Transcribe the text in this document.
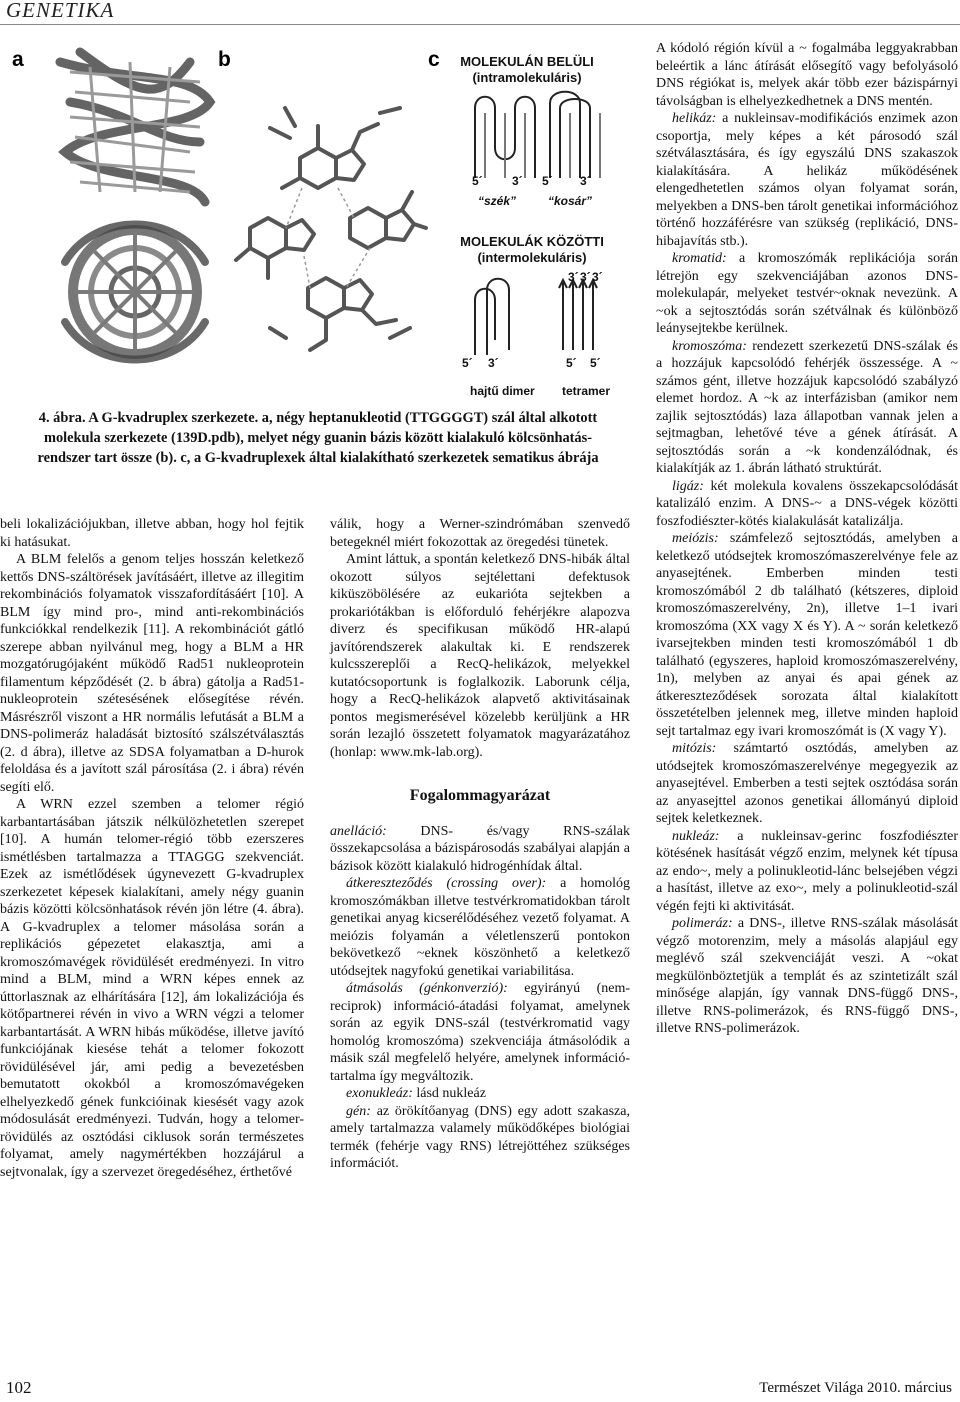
GENETIKA
a	b	c	MOLEKULÁN BELÜLI
(intramolekuláris)
5´ 3´ 5´ 3´
“szék”	“kosár”
MOLEKULÁK KÖZÖTTI
(intermolekuláris)
3´ 3´ 3´
5´ 3´	5´ 5´
hajtű dimer tetramer
4. ábra. A G-kvadruplex szerkezete. a, négy heptanukleotid (TTGGGGT) szál által alkotott molekula szerkezete (139D.pdb), melyet négy guanin bázis között kialakuló kölcsönhatás-rendszer tart össze (b). c, a G-kvadruplexek által kialakítható szerkezetek sematikus ábrája

beli lokalizációjukban, illetve abban, hogy hol fejtik ki hatásukat.

A BLM felelős a genom teljes hosszán keletkező kettős DNS-száltörések javításáért, illetve az illegitim rekombinációs folyamatok visszafordításáért [10]. A BLM így mind pro-, mind anti-rekombinációs funkciókkal rendelkezik [11]. A rekombinációt gátló szerepe abban nyilvánul meg, hogy a BLM a HR mozgatórugójaként működő Rad51 nukleoprotein filamentum képződését (2. b ábra) gátolja a Rad51-nukleoprotein szétesésének elősegítése révén. Másrészről viszont a HR normális lefutását a BLM a DNS-polimeráz haladását biztosító szálszétválasztás (2. d ábra), illetve az SDSA folyamatban a D-hurok feloldása és a javított szál párosítása (2. i ábra) révén segíti elő.

A WRN ezzel szemben a telomer régió karbantartásában játszik nélkülözhetetlen szerepet [10]. A humán telomer-régió több ezerszeres ismétlésben tartalmazza a TTAGGG szekvenciát. Ezek az ismétlődések úgynevezett G-kvadruplex szerkezetet képesek kialakítani, amely négy guanin bázis közötti kölcsönhatások révén jön létre (4. ábra). A G-kvadruplex a telomer másolása során a replikációs gépezetet elakasztja, ami a kromoszómavégek rövidülését eredményezi. In vitro mind a BLM, mind a WRN képes ennek az úttorlasznak az elhárítására [12], ám lokalizációja és kötőpartnerei révén in vivo a WRN végzi a telomer karbantartását. A WRN hibás működése, illetve javító funkciójának kiesése tehát a telomer fokozott rövidülésével jár, ami pedig a bevezetésben bemutatott okokból a kromoszómavégeken elhelyezkedő gének funkcióinak kiesését vagy azok módosulását eredményezi. Tudván, hogy a telomer-rövidülés az osztódási ciklusok során természetes folyamat, amely nagymértékben hozzájárul a sejtvonalak, így a szervezet öregedéséhez, érthetővé

válik, hogy a Werner-szindrómában szenvedő betegeknél miért fokozottak az öregedési tünetek.

Amint láttuk, a spontán keletkező DNS-hibák által okozott súlyos sejtélettani defektusok kiküszöbölésére az eukarióta sejtekben a prokariótákban is előforduló fehérjékre alapozva diverz és specifikusan működő HR-alapú javítórendszerek alakultak ki. E rendszerek kulcsszereplői a RecQ-helikázok, melyekkel kutatócsoportunk is foglalkozik. Laborunk célja, hogy a RecQ-helikázok alapvető aktivitásainak pontos megismerésével közelebb kerüljünk a HR során lezajló összetett folyamatok magyarázatához (honlap: www.mk-lab.org).

Fogalommagyarázat

anelláció: DNS- és/vagy RNS-szálak összekapcsolása a bázispárosodás szabályai alapján a bázisok között kialakuló hidrogénhídak által.

átkereszteződés (crossing over): a homológ kromoszómákban illetve testvérkromatidokban tárolt genetikai anyag kicserélődéséhez vezető folyamat. A meiózis folyamán a véletlenszerű pontokon bekövetkező ~eknek köszönhető a keletkező utódsejtek nagyfokú genetikai variabilitása.

átmásolás (génkonverzió): egyirányú (nem-reciprok) információ-átadási folyamat, amelynek során az egyik DNS-szál (testvérkromatid vagy homológ kromoszóma) szekvenciája átmásolódik a másik szál megfelelő helyére, amelynek információ-tartalma így megváltozik.

exonukleáz: lásd nukleáz

gén: az örökítőanyag (DNS) egy adott szakasza, amely tartalmazza valamely működőképes biológiai termék (fehérje vagy RNS) létrejöttéhez szükséges információt.

A kódoló régión kívül a ~ fogalmába leggyakrabban beleértik a lánc átírását elősegítő vagy befolyásoló DNS régiókat is, melyek akár több ezer bázispárnyi távolságban is elhelyezkedhetnek a DNS mentén.

helikáz: a nukleinsav-modifikációs enzimek azon csoportja, mely képes a két párosodó szál szétválasztására, és így egyszálú DNS szakaszok kialakítására. A helikáz működésének elengedhetetlen számos olyan folyamat során, melyekben a DNS-ben tárolt genetikai információhoz történő hozzáférésre van szükség (replikáció, DNS-hibajavítás stb.).

kromatid: a kromoszómák replikációja során létrejön egy szekvenciájában azonos DNS-molekulapár, melyeket testvér~oknak nevezünk. A ~ok a sejtosztódás során szétválnak és különböző leánysejtekbe kerülnek.

kromoszóma: rendezett szerkezetű DNS-szálak és a hozzájuk kapcsolódó fehérjék összessége. A ~ számos gént, illetve hozzájuk kapcsolódó szabályzó elemet hordoz. A ~k az interfázisban (amikor nem zajlik sejtosztódás) laza állapotban vannak jelen a sejtmagban, lehetővé téve a gének átírását. A sejtosztódás során a ~k kondenzálódnak, és kialakítják az 1. ábrán látható struktúrát.

ligáz: két molekula kovalens összekapcsolódását katalizáló enzim. A DNS-~ a DNS-végek közötti foszfodiészter-kötés kialakulását katalizálja.

meiózis: számfelező sejtosztódás, amelyben a keletkező utódsejtek kromoszómaszerelvénye fele az anyasejtének. Emberben minden testi kromoszómából 2 db található (kétszeres, diploid kromoszómaszerelvény, 2n), illetve 1–1 ivari kromoszóma (XX vagy X és Y). A ~ során keletkező ivarsejtekben minden testi kromoszómából 1 db található (egyszeres, haploid kromoszómaszerelvény, 1n), melyben az anyai és apai gének az átkereszteződések sorozata által kialakított összetételben jelennek meg, illetve minden haploid sejt tartalmaz egy ivari kromoszómát is (X vagy Y).

mitózis: számtartó osztódás, amelyben az utódsejtek kromoszómaszerelvénye megegyezik az anyasejtével. Emberben a testi sejtek osztódása során az anyasejttel azonos genetikai állományú diploid sejtek keletkeznek.

nukleáz: a nukleinsav-gerinc foszfodiészter kötésének hasítását végző enzim, melynek két típusa az endo~, mely a polinukleotid-lánc belsejében végzi a hasítást, illetve az exo~, mely a polinukleotid-szál végén fejti ki aktivitását.

polimeráz: a DNS-, illetve RNS-szálak másolását végző motorenzim, mely a másolás alapjául egy meglévő szál szekvenciáját veszi. A ~okat megkülönböztetjük a templát és az szintetizált szál minősége alapján, így vannak DNS-függő DNS-, illetve RNS-polimerázok, és RNS-függő DNS-, illetve RNS-polimerázok.

102	Természet Világa 2010. március
